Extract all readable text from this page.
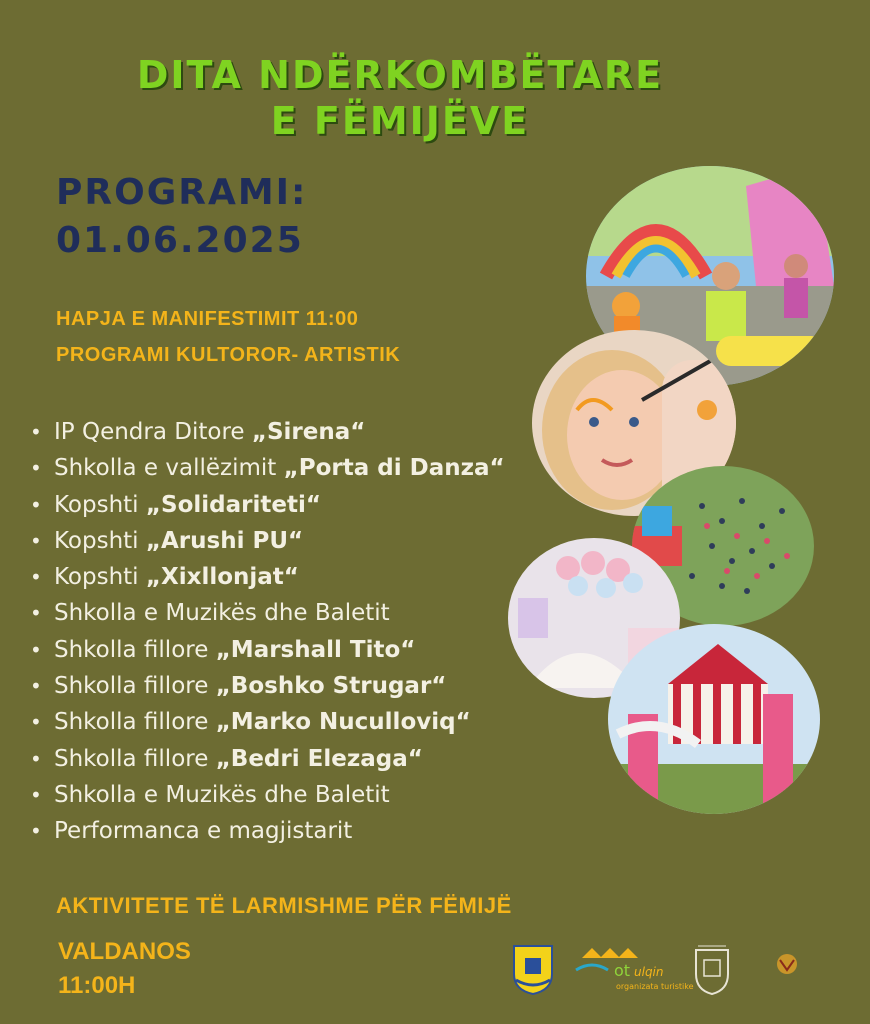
DITA NDËRKOMBËTARE
E FËMIJËVE
PROGRAMI:
01.06.2025
HAPJA E MANIFESTIMIT 11:00
PROGRAMI KULTOROR- ARTISTIK
• IP Qendra Ditore „Sirena“
• Shkolla e vallëzimit „Porta di Danza“
• Kopshti „Solidariteti“
• Kopshti „Arushi PU“
• Kopshti „Xixllonjat“
• Shkolla e Muzikës dhe Baletit
• Shkolla fillore „Marshall Tito“
• Shkolla fillore „Boshko Strugar“
• Shkolla fillore „Marko Nuculloviq“
• Shkolla fillore „Bedri Elezaga“
• Shkolla e Muzikës dhe Baletit
• Performanca e magjistarit
AKTIVITETE TË LARMISHME PËR FËMIJË
VALDANOS
11:00H
ot ulqin
organizata turistike
